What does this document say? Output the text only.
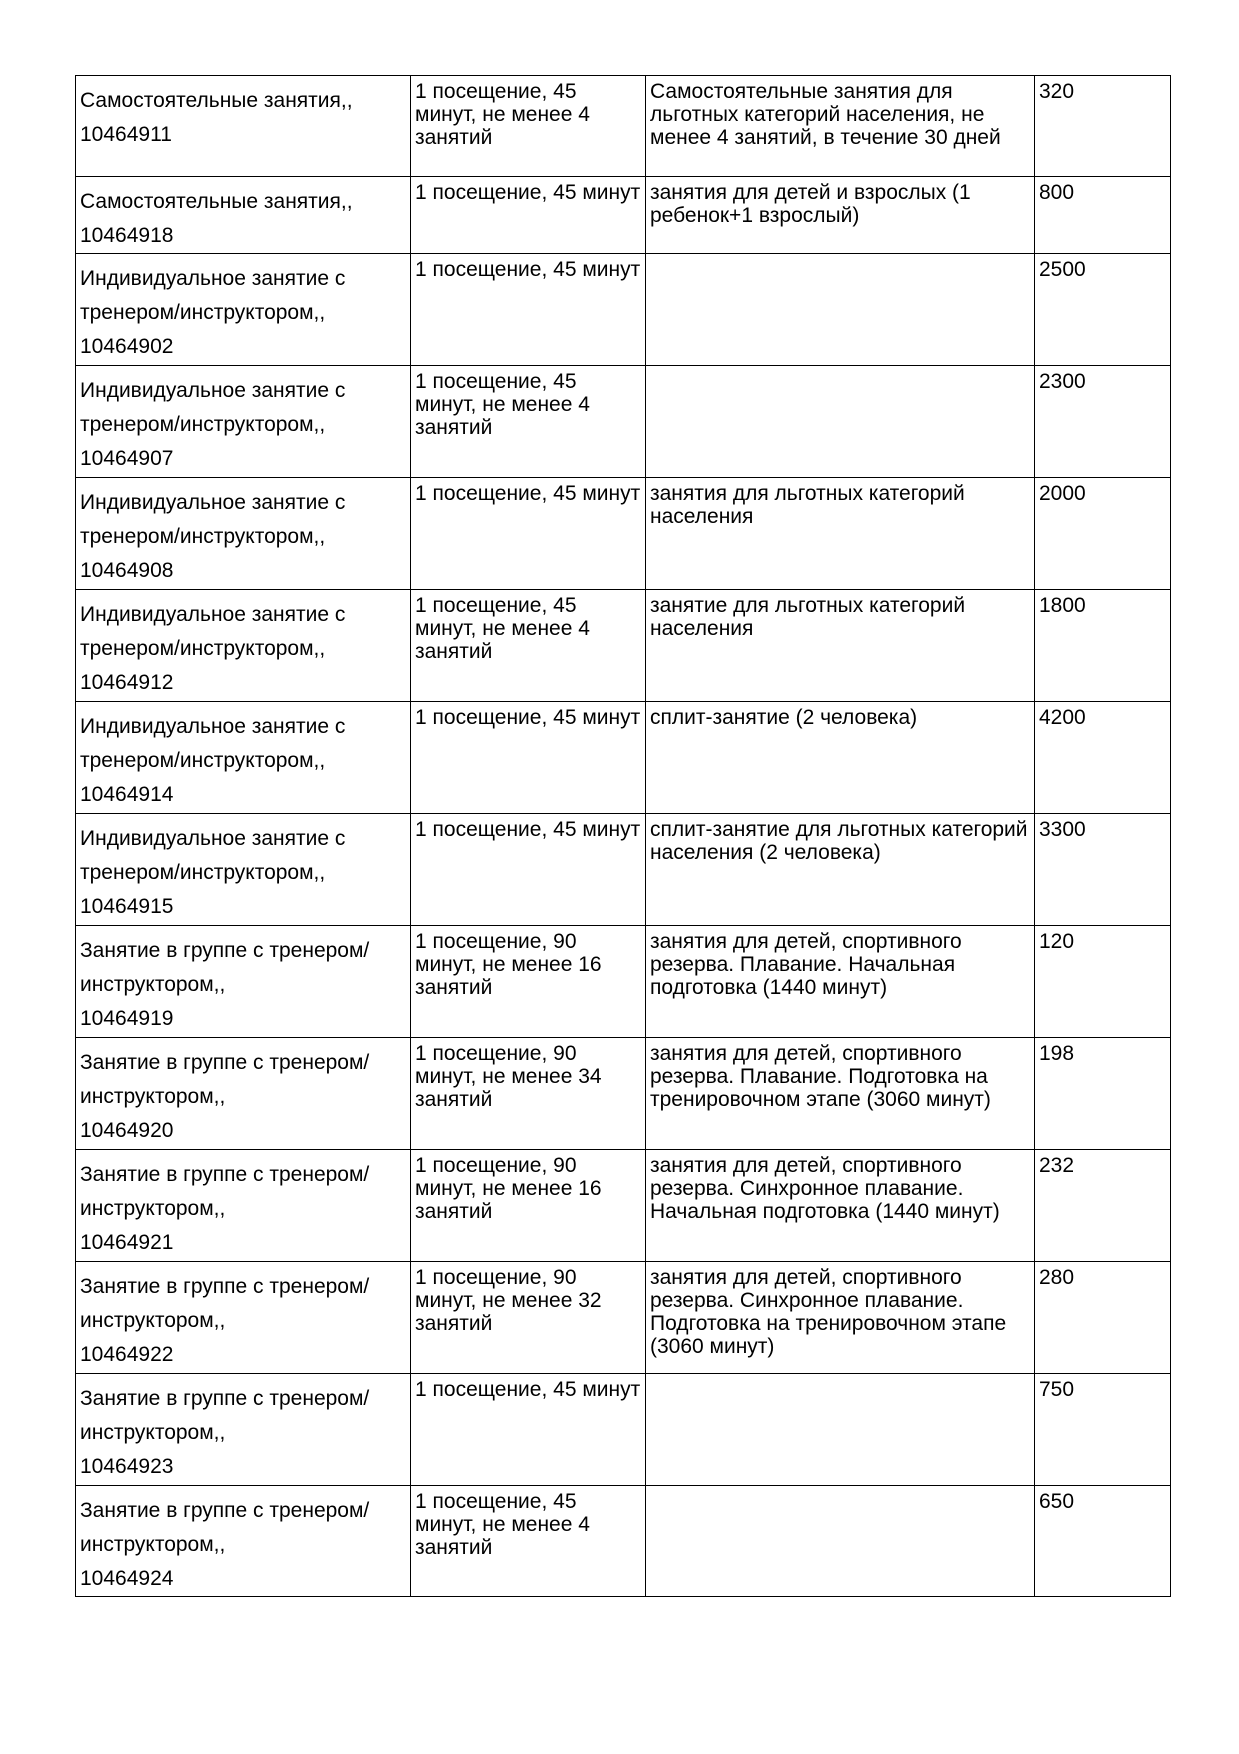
Самостоятельные занятия,,
10464911	1 посещение, 45 минут, не менее 4 занятий	Самостоятельные занятия для льготных категорий населения, не менее 4 занятий, в течение 30 дней	320

Самостоятельные занятия,,
10464918	1 посещение, 45 минут	занятия для детей и взрослых (1 ребенок+1 взрослый)	800

Индивидуальное занятие с тренером/инструктором,,
10464902	1 посещение, 45 минут		2500

Индивидуальное занятие с тренером/инструктором,,
10464907	1 посещение, 45 минут, не менее 4 занятий		2300

Индивидуальное занятие с тренером/инструктором,,
10464908	1 посещение, 45 минут	занятия для льготных категорий населения	2000

Индивидуальное занятие с тренером/инструктором,,
10464912	1 посещение, 45 минут, не менее 4 занятий	занятие для льготных категорий населения	1800

Индивидуальное занятие с тренером/инструктором,,
10464914	1 посещение, 45 минут	сплит-занятие (2 человека)	4200

Индивидуальное занятие с тренером/инструктором,,
10464915	1 посещение, 45 минут	сплит-занятие для льготных категорий населения (2 человека)	3300

Занятие в группе с тренером/инструктором,,
10464919	1 посещение, 90 минут, не менее 16 занятий	занятия для детей, спортивного резерва. Плавание. Начальная подготовка (1440 минут)	120

Занятие в группе с тренером/инструктором,,
10464920	1 посещение, 90 минут, не менее 34 занятий	занятия для детей, спортивного резерва. Плавание. Подготовка на тренировочном этапе (3060 минут)	198

Занятие в группе с тренером/инструктором,,
10464921	1 посещение, 90 минут, не менее 16 занятий	занятия для детей, спортивного резерва. Синхронное плавание. Начальная подготовка (1440 минут)	232

Занятие в группе с тренером/инструктором,,
10464922	1 посещение, 90 минут, не менее 32 занятий	занятия для детей, спортивного резерва. Синхронное плавание. Подготовка на тренировочном этапе (3060 минут)	280

Занятие в группе с тренером/инструктором,,
10464923	1 посещение, 45 минут		750

Занятие в группе с тренером/инструктором,,
10464924	1 посещение, 45 минут, не менее 4 занятий		650
